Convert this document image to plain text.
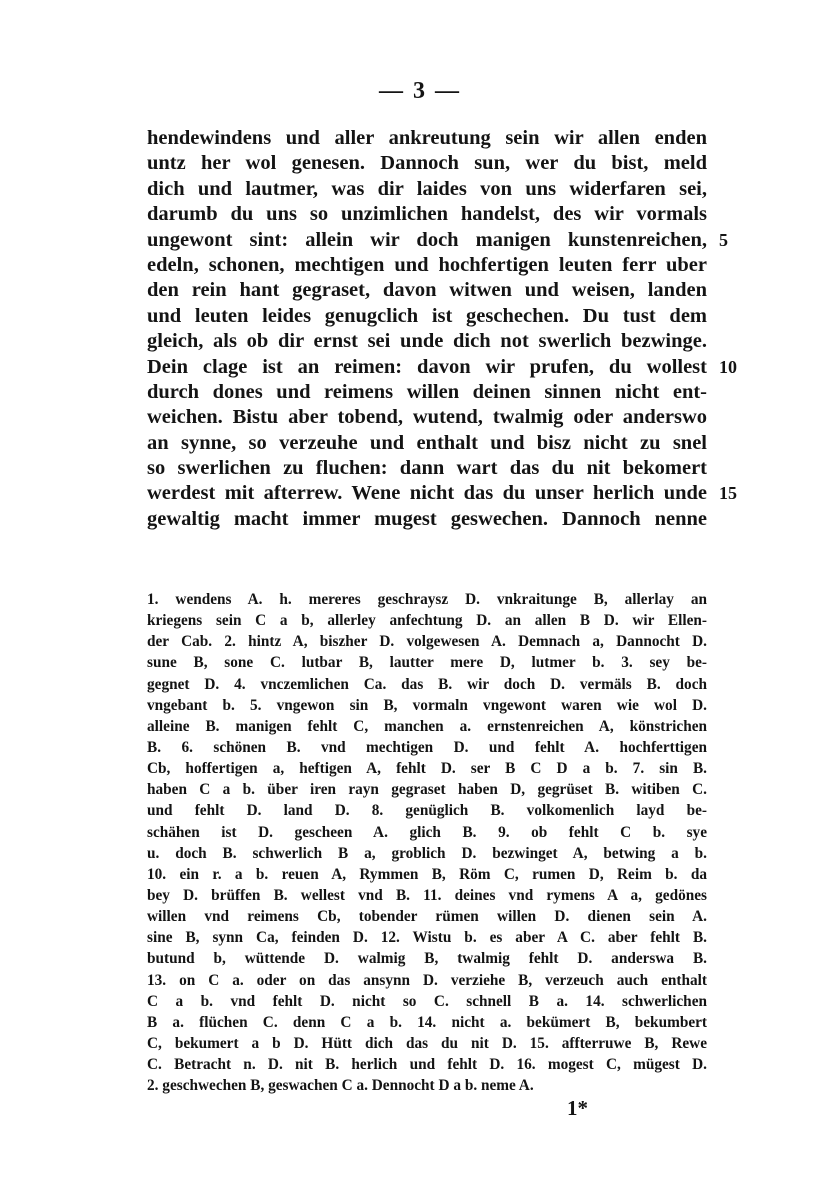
— 3 —
hendewindens und aller ankreutung sein wir allen enden
untz her wol genesen. Dannoch sun, wer du bist, meld
dich und lautmer, was dir laides von uns widerfaren sei,
darumb du uns so unzimlichen handelst, des wir vormals
ungewont sint: allein wir doch manigen kunstenreichen, 5
edeln, schonen, mechtigen und hochfertigen leuten ferr uber
den rein hant gegraset, davon witwen und weisen, landen
und leuten leides genugclich ist geschechen. Du tust dem
gleich, als ob dir ernst sei unde dich not swerlich bezwinge.
Dein clage ist an reimen: davon wir prufen, du wollest 10
durch dones und reimens willen deinen sinnen nicht ent-
weichen. Bistu aber tobend, wutend, twalmig oder anderswo
an synne, so verzeuhe und enthalt und bisz nicht zu snel
so swerlichen zu fluchen: dann wart das du nit bekomert
werdest mit afterrew. Wene nicht das du unser herlich unde 15
gewaltig macht immer mugest geswechen. Dannoch nenne
1. wendens A. h. mereres geschraysz D. vnkraitunge B, allerlay an
kriegens sein C a b, allerley anfechtung D. an allen B D. wir Ellen-
der Cab. 2. hintz A, biszher D. volgewesen A. Demnach a, Dannocht D.
sune B, sone C. lutbar B, lautter mere D, lutmer b. 3. sey be-
gegnet D. 4. vnczemlichen Ca. das B. wir doch D. vermäls B. doch
vngebant b. 5. vngewon sin B, vormaln vngewont waren wie wol D.
alleine B. manigen fehlt C, manchen a. ernstenreichen A, könstrichen
B. 6. schönen B. vnd mechtigen D. und fehlt A. hochferttigen
Cb, hoffertigen a, heftigen A, fehlt D. ser B C D a b. 7. sin B.
haben C a b. über iren rayn gegraset haben D, gegrüset B. witiben C.
und fehlt D. land D. 8. genüglich B. volkomenlich layd be-
schähen ist D. gescheen A. glich B. 9. ob fehlt C b. sye
u. doch B. schwerlich B a, groblich D. bezwinget A, betwing a b.
10. ein r. a b. reuen A, Rymmen B, Röm C, rumen D, Reim b. da
bey D. brüffen B. wellest vnd B. 11. deines vnd rymens A a, gedönes
willen vnd reimens Cb, tobender rümen willen D. dienen sein A.
sine B, synn Ca, feinden D. 12. Wistu b. es aber A C. aber fehlt B.
butund b, wüttende D. walmig B, twalmig fehlt D. anderswa B.
13. on C a. oder on das ansynn D. verziehe B, verzeuch auch enthalt
C a b. vnd fehlt D. nicht so C. schnell B a. 14. schwerlichen
B a. flüchen C. denn C a b. 14. nicht a. bekümert B, bekumbert
C, bekumert a b D. Hütt dich das du nit D. 15. affterruwe B, Rewe
C. Betracht n. D. nit B. herlich und fehlt D. 16. mogest C, mügest D.
2. geschwechen B, geswachen C a. Dennocht D a b. neme A.
1*
